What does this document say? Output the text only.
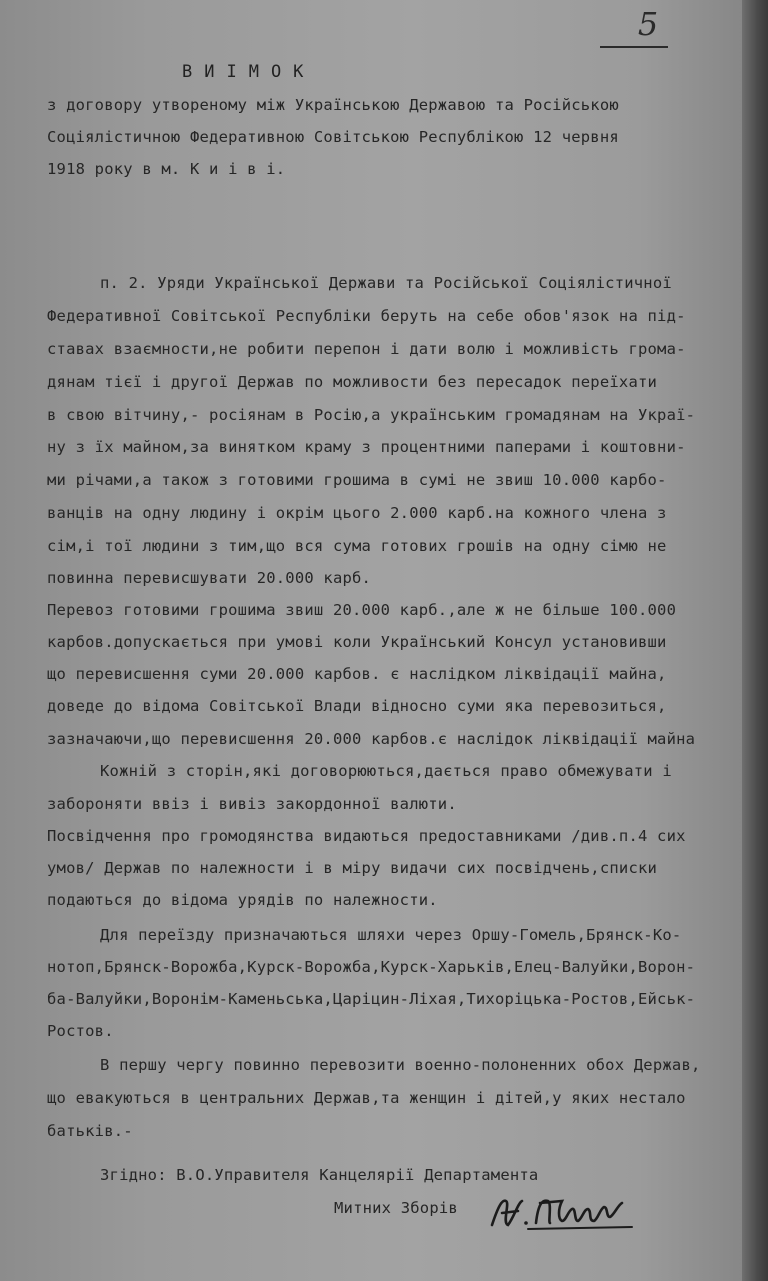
5
ВИІМОК
з договору утвореному між Українською Державою та Російською
Соціялістичною Федеративною Совітською Республікою 12 червня
1918 року в м. К и і в і.
п. 2. Уряди Української Держави та Російської Соціялістичної
Федеративної Совітської Республіки беруть на себе обов'язок на під-
ставах взаємности,не робити перепон і дати волю і можливість грома-
дянам тієї і другої Держав по можливости без пересадок переїхати
в свою вітчину,- росіянам в Росію,а українським громадянам на Украї-
ну з їх майном,за винятком краму з процентними паперами і коштовни-
ми річами,а також з готовими грошима в сумі не звиш 10.000 карбо-
ванців на одну людину і окрім цього 2.000 карб.на кожного члена з
сім,і тої людини з тим,що вся сума готових грошів на одну сімю не
повинна перевисшувати 20.000 карб.
Перевоз готовими грошима звиш 20.000 карб.,але ж не більше 100.000
карбов.допускається при умові коли Український Консул установивши
що перевисшення суми 20.000 карбов. є наслідком ліквідації майна,
доведе до відома Совітської Влади відносно суми яка перевозиться,
зазначаючи,що перевисшення 20.000 карбов.є наслідок ліквідації майна
Кожній з сторін,які договорюються,дається право обмежувати і
забороняти ввіз і вивіз закордонної валюти.
Посвідчення про громодянства видаються предоставниками /див.п.4 сих
умов/ Держав по належности і в міру видачи сих посвідчень,списки
подаються до відома урядів по належности.
Для переїзду призначаються шляхи через Оршу-Гомель,Брянск-Ко-
нотоп,Брянск-Ворожба,Курск-Ворожба,Курск-Харьків,Елец-Валуйки,Ворон-
ба-Валуйки,Воронім-Каменьська,Царіцин-Ліхая,Тихоріцька-Ростов,Ейськ-
Ростов.
В першу чергу повинно перевозити военно-полоненних обох Держав,
що евакуються в центральних Держав,та женщин і дітей,у яких нестало
батьків.-
Згідно: В.О.Управителя Канцелярії Департамента
Митних Зборів
